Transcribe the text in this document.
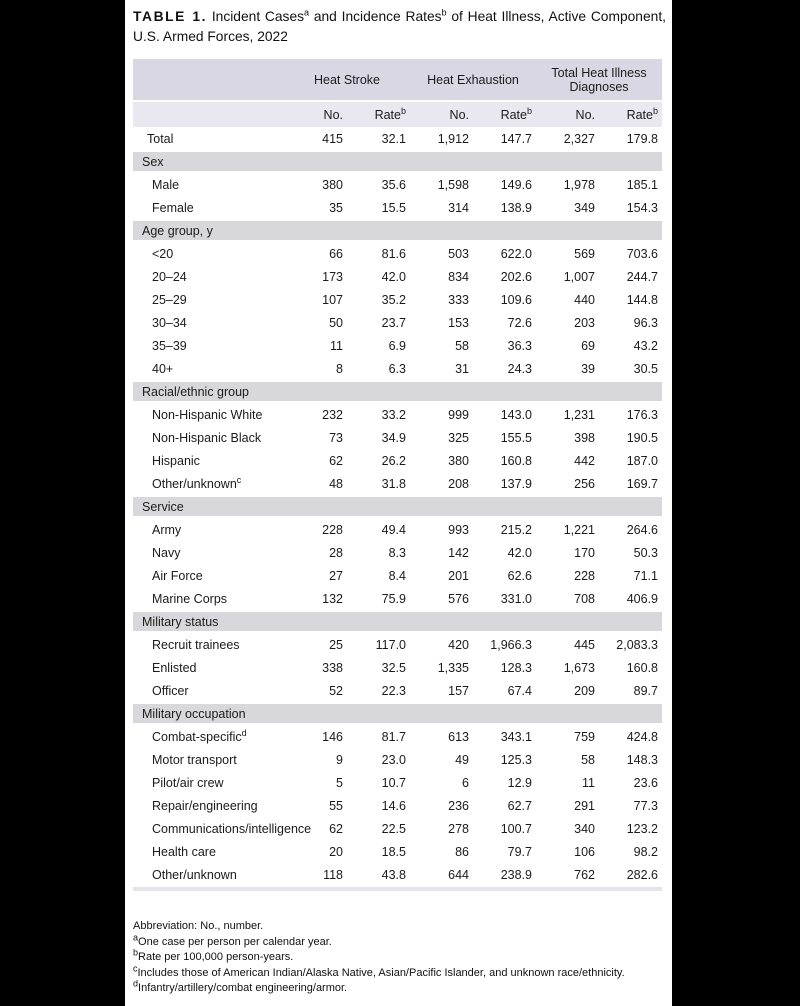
TABLE 1. Incident Cases$^a$ and Incidence Rates$^b$ of Heat Illness, Active Component, U.S. Armed Forces, 2022

Heat Stroke	Heat Exhaustion	Total Heat Illness Diagnoses
No.	Rate$^b$	No.	Rate$^b$	No.	Rate$^b$
Total	415	32.1	1,912	147.7	2,327	179.8
Sex
Male	380	35.6	1,598	149.6	1,978	185.1
Female	35	15.5	314	138.9	349	154.3
Age group, y
<20	66	81.6	503	622.0	569	703.6
20–24	173	42.0	834	202.6	1,007	244.7
25–29	107	35.2	333	109.6	440	144.8
30–34	50	23.7	153	72.6	203	96.3
35–39	11	6.9	58	36.3	69	43.2
40+	8	6.3	31	24.3	39	30.5
Racial/ethnic group
Non-Hispanic White	232	33.2	999	143.0	1,231	176.3
Non-Hispanic Black	73	34.9	325	155.5	398	190.5
Hispanic	62	26.2	380	160.8	442	187.0
Other/unknown$^c$	48	31.8	208	137.9	256	169.7
Service
Army	228	49.4	993	215.2	1,221	264.6
Navy	28	8.3	142	42.0	170	50.3
Air Force	27	8.4	201	62.6	228	71.1
Marine Corps	132	75.9	576	331.0	708	406.9
Military status
Recruit trainees	25	117.0	420	1,966.3	445	2,083.3
Enlisted	338	32.5	1,335	128.3	1,673	160.8
Officer	52	22.3	157	67.4	209	89.7
Military occupation
Combat-specific$^d$	146	81.7	613	343.1	759	424.8
Motor transport	9	23.0	49	125.3	58	148.3
Pilot/air crew	5	10.7	6	12.9	11	23.6
Repair/engineering	55	14.6	236	62.7	291	77.3
Communications/intelligence	62	22.5	278	100.7	340	123.2
Health care	20	18.5	86	79.7	106	98.2
Other/unknown	118	43.8	644	238.9	762	282.6
Abbreviation: No., number.
$^a$One case per person per calendar year.
$^b$Rate per 100,000 person-years.
$^c$Includes those of American Indian/Alaska Native, Asian/Pacific Islander, and unknown race/ethnicity.
$^d$Infantry/artillery/combat engineering/armor.
